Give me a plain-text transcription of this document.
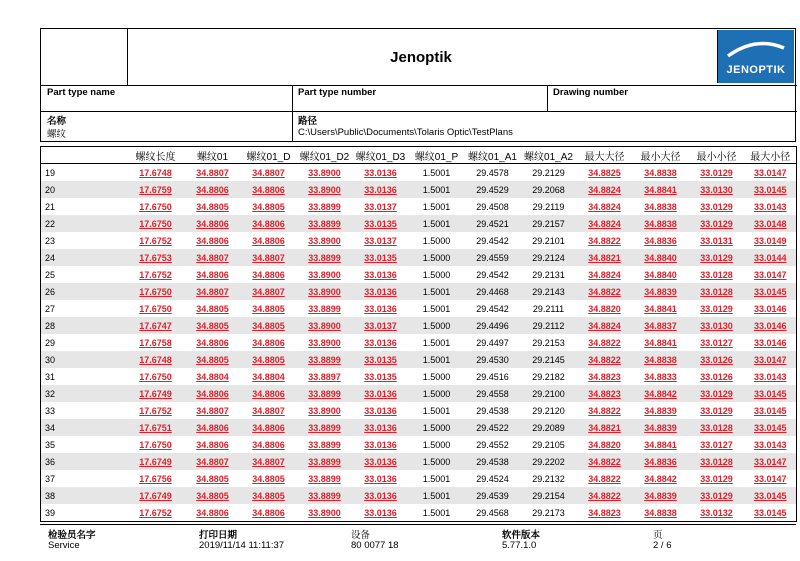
Jenoptik
JENOPTIK
Part type name	Part type number	Drawing number
名称
螺纹
路径
C:\Users\Public\Documents\Tolaris Optic\TestPlans
	螺纹长度	螺纹01	螺纹01_D	螺纹01_D2	螺纹01_D3	螺纹01_P	螺纹01_A1	螺纹01_A2	最大大径	最小大径	最小小径	最大小径
19	17.6748	34.8807	34.8807	33.8900	33.0136	1.5001	29.4578	29.2129	34.8825	34.8838	33.0129	33.0147
20	17.6759	34.8806	34.8806	33.8900	33.0136	1.5001	29.4529	29.2068	34.8824	34.8841	33.0130	33.0145
21	17.6750	34.8805	34.8805	33.8899	33.0137	1.5001	29.4508	29.2119	34.8824	34.8838	33.0129	33.0143
22	17.6750	34.8806	34.8806	33.8899	33.0135	1.5001	29.4521	29.2157	34.8824	34.8838	33.0129	33.0148
23	17.6752	34.8806	34.8806	33.8900	33.0137	1.5000	29.4542	29.2101	34.8822	34.8836	33.0131	33.0149
24	17.6753	34.8807	34.8807	33.8899	33.0135	1.5000	29.4559	29.2124	34.8821	34.8840	33.0129	33.0144
25	17.6752	34.8806	34.8806	33.8900	33.0136	1.5000	29.4542	29.2131	34.8824	34.8840	33.0128	33.0147
26	17.6750	34.8807	34.8807	33.8900	33.0136	1.5001	29.4468	29.2143	34.8822	34.8839	33.0128	33.0145
27	17.6750	34.8805	34.8805	33.8899	33.0136	1.5001	29.4542	29.2111	34.8820	34.8841	33.0129	33.0146
28	17.6747	34.8805	34.8805	33.8900	33.0137	1.5000	29.4496	29.2112	34.8824	34.8837	33.0130	33.0146
29	17.6758	34.8806	34.8806	33.8900	33.0136	1.5001	29.4497	29.2153	34.8822	34.8841	33.0127	33.0146
30	17.6748	34.8805	34.8805	33.8899	33.0135	1.5001	29.4530	29.2145	34.8822	34.8838	33.0126	33.0147
31	17.6750	34.8804	34.8804	33.8897	33.0135	1.5000	29.4516	29.2182	34.8823	34.8833	33.0126	33.0143
32	17.6749	34.8806	34.8806	33.8899	33.0136	1.5000	29.4558	29.2100	34.8823	34.8842	33.0129	33.0145
33	17.6752	34.8807	34.8807	33.8900	33.0136	1.5001	29.4538	29.2120	34.8822	34.8839	33.0129	33.0145
34	17.6751	34.8806	34.8806	33.8899	33.0136	1.5000	29.4522	29.2089	34.8821	34.8839	33.0128	33.0145
35	17.6750	34.8806	34.8806	33.8899	33.0136	1.5000	29.4552	29.2105	34.8820	34.8841	33.0127	33.0143
36	17.6749	34.8807	34.8807	33.8899	33.0136	1.5000	29.4538	29.2202	34.8822	34.8836	33.0128	33.0147
37	17.6756	34.8805	34.8805	33.8899	33.0136	1.5001	29.4524	29.2132	34.8822	34.8842	33.0129	33.0147
38	17.6749	34.8805	34.8805	33.8899	33.0136	1.5001	29.4539	29.2154	34.8822	34.8839	33.0129	33.0145
39	17.6752	34.8806	34.8806	33.8900	33.0136	1.5001	29.4568	29.2173	34.8823	34.8838	33.0132	33.0145
检验员名字
Service
打印日期
2019/11/14 11:11:37
设备
80 0077 18
软件版本
5.77.1.0
页
2 / 6
